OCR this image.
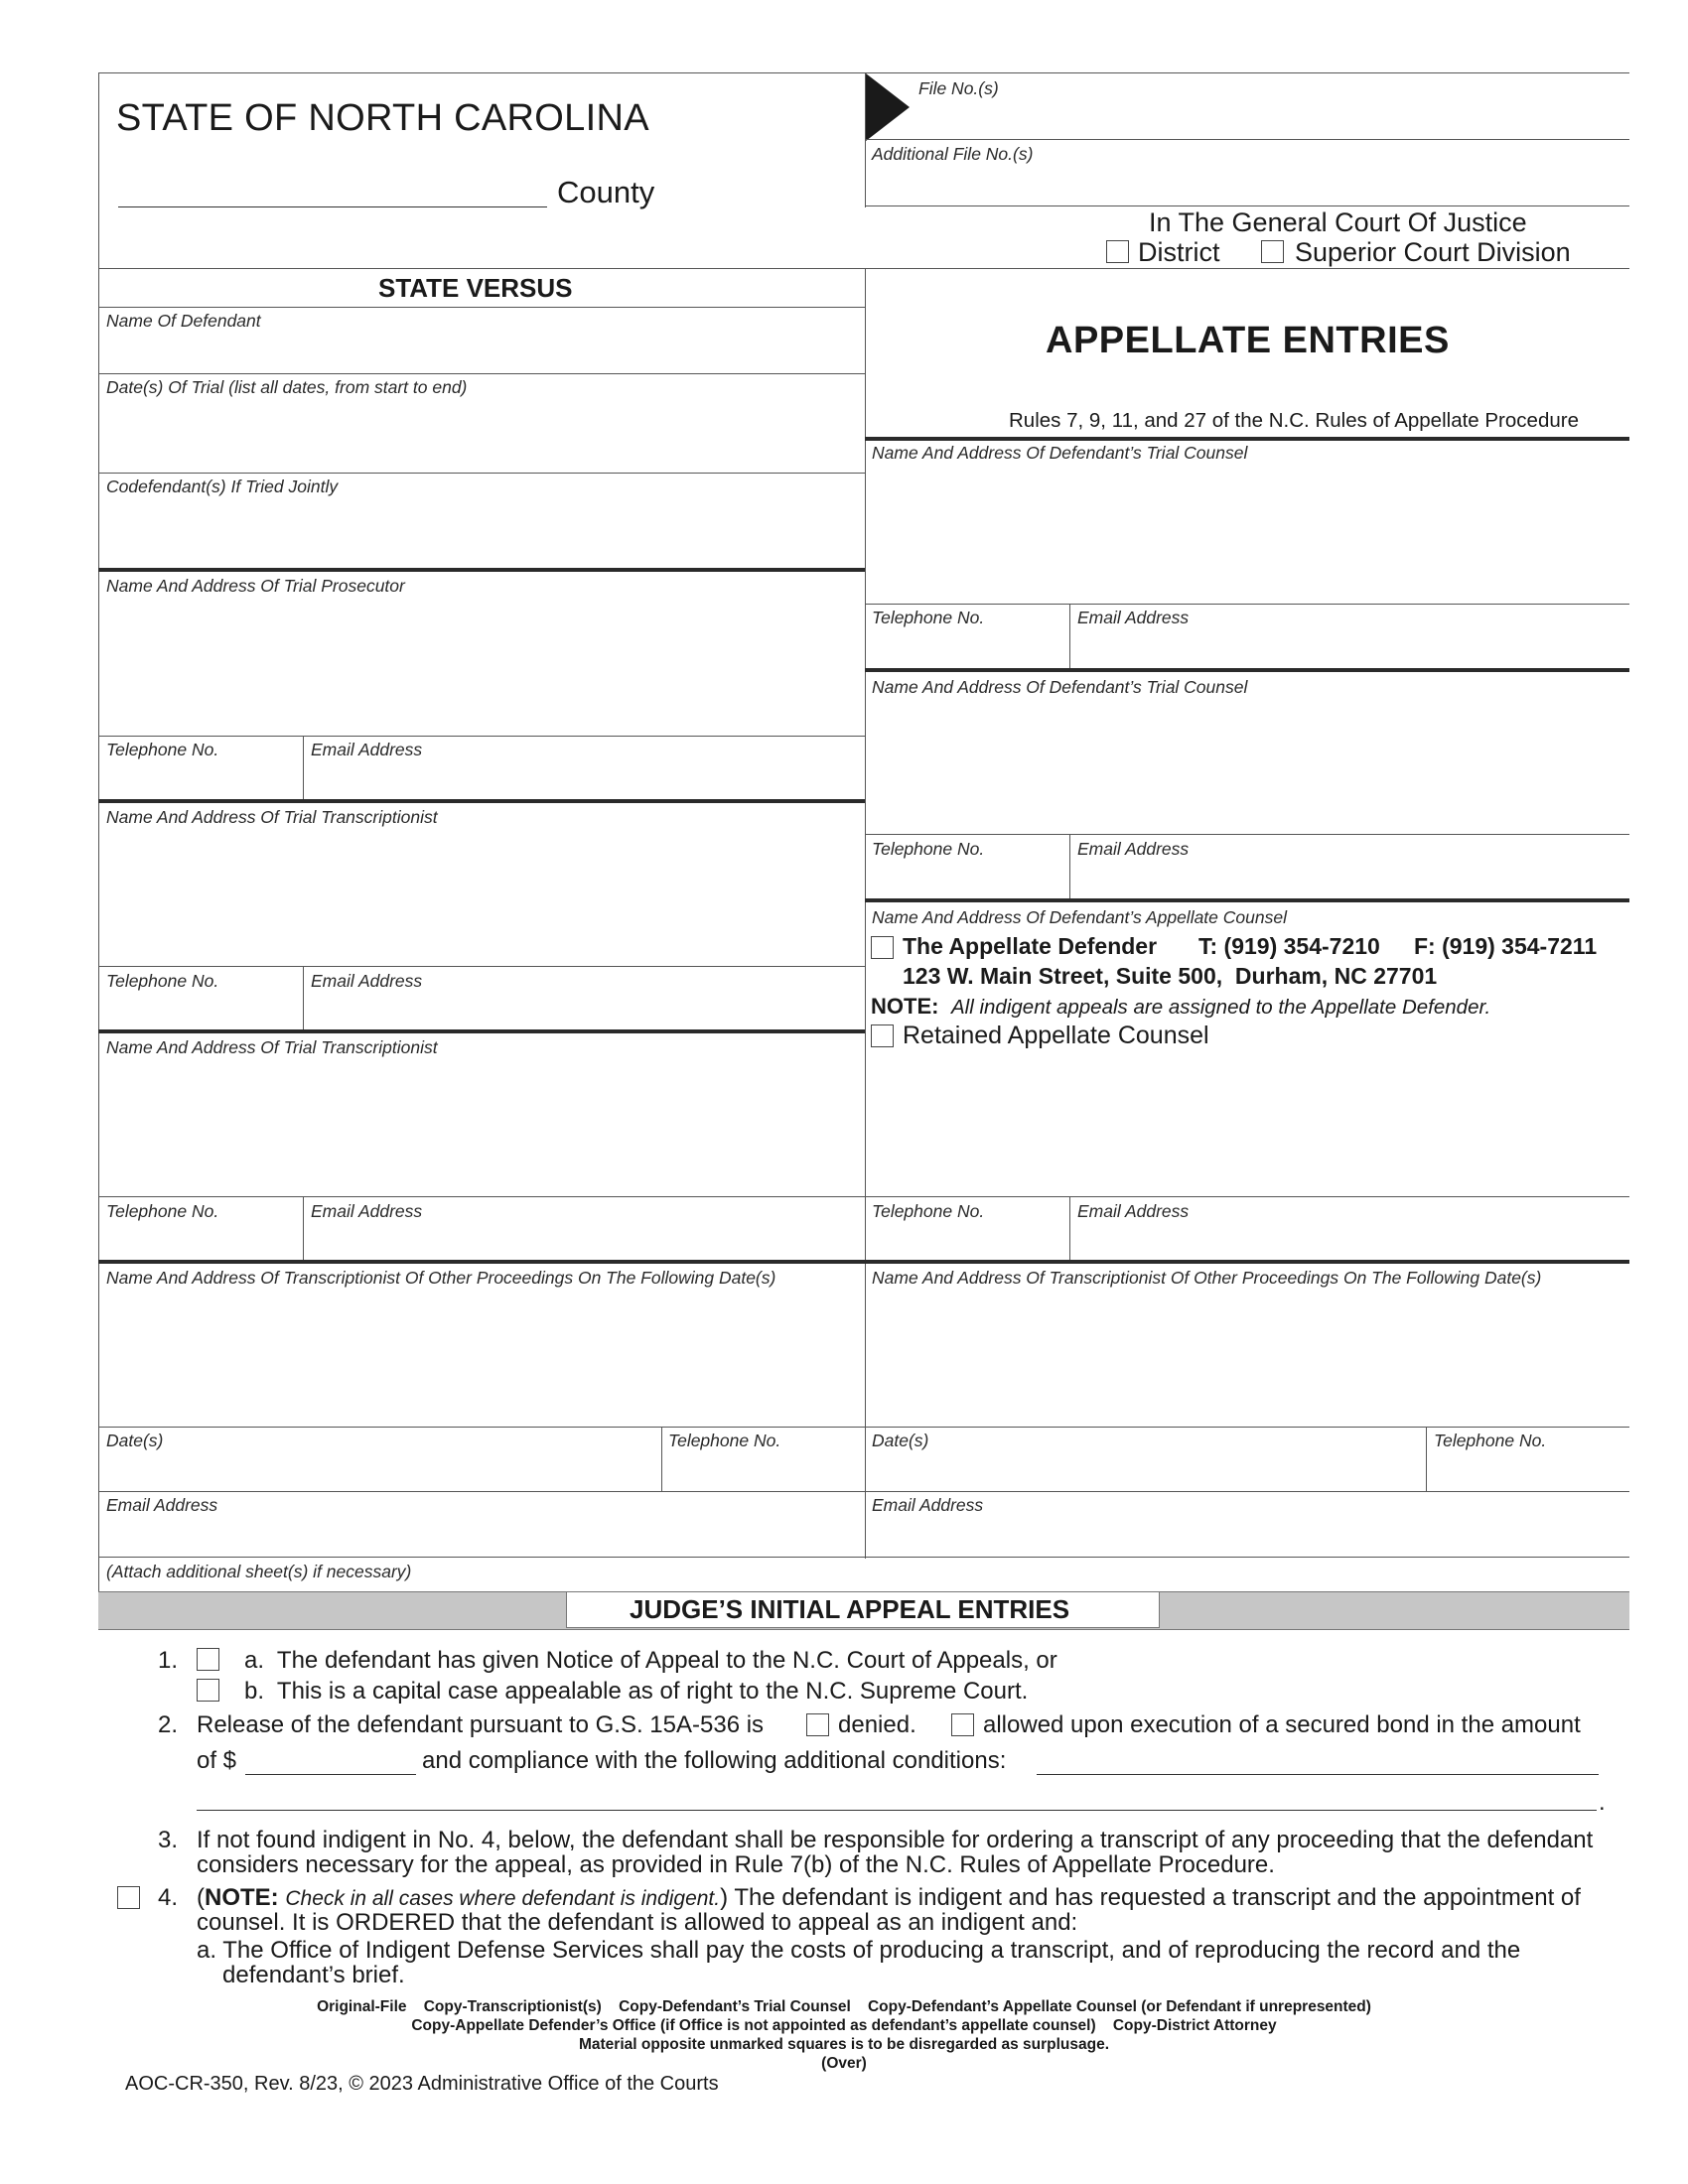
STATE OF NORTH CAROLINA
County
File No.(s)
Additional File No.(s)
In The General Court Of Justice
District	Superior Court Division
STATE VERSUS
Name Of Defendant
Date(s) Of Trial (list all dates, from start to end)
Codefendant(s) If Tried Jointly
Name And Address Of Trial Prosecutor
Telephone No.	Email Address
Name And Address Of Trial Transcriptionist
Telephone No.	Email Address
Name And Address Of Trial Transcriptionist
Telephone No.	Email Address
Name And Address Of Transcriptionist Of Other Proceedings On The Following Date(s)
Date(s)	Telephone No.
Email Address
(Attach additional sheet(s) if necessary)
APPELLATE ENTRIES
Rules 7, 9, 11, and 27 of the N.C. Rules of Appellate Procedure
Name And Address Of Defendant’s Trial Counsel
Telephone No.	Email Address
Name And Address Of Defendant’s Trial Counsel
Telephone No.	Email Address
Name And Address Of Defendant’s Appellate Counsel
The Appellate Defender T: (919) 354-7210 F: (919) 354-7211
123 W. Main Street, Suite 500,  Durham, NC 27701
NOTE: All indigent appeals are assigned to the Appellate Defender.
Retained Appellate Counsel
Telephone No.	Email Address
Name And Address Of Transcriptionist Of Other Proceedings On The Following Date(s)
Date(s)	Telephone No.
Email Address
JUDGE’S INITIAL APPEAL ENTRIES
1.	a.  The defendant has given Notice of Appeal to the N.C. Court of Appeals, or
b.  This is a capital case appealable as of right to the N.C. Supreme Court.
2. Release of the defendant pursuant to G.S. 15A-536 is	denied.	allowed upon execution of a secured bond in the amount
of $	and compliance with the following additional conditions:
.
3. If not found indigent in No. 4, below, the defendant shall be responsible for ordering a transcript of any proceeding that the defendant
considers necessary for the appeal, as provided in Rule 7(b) of the N.C. Rules of Appellate Procedure.
4. (NOTE: Check in all cases where defendant is indigent.) The defendant is indigent and has requested a transcript and the appointment of
counsel. It is ORDERED that the defendant is allowed to appeal as an indigent and:
a. The Office of Indigent Defense Services shall pay the costs of producing a transcript, and of reproducing the record and the
defendant’s brief.
Original-File    Copy-Transcriptionist(s)    Copy-Defendant’s Trial Counsel    Copy-Defendant’s Appellate Counsel (or Defendant if unrepresented)
Copy-Appellate Defender’s Office (if Office is not appointed as defendant’s appellate counsel)    Copy-District Attorney
Material opposite unmarked squares is to be disregarded as surplusage.
(Over)
AOC-CR-350, Rev. 8/23, © 2023 Administrative Office of the Courts
